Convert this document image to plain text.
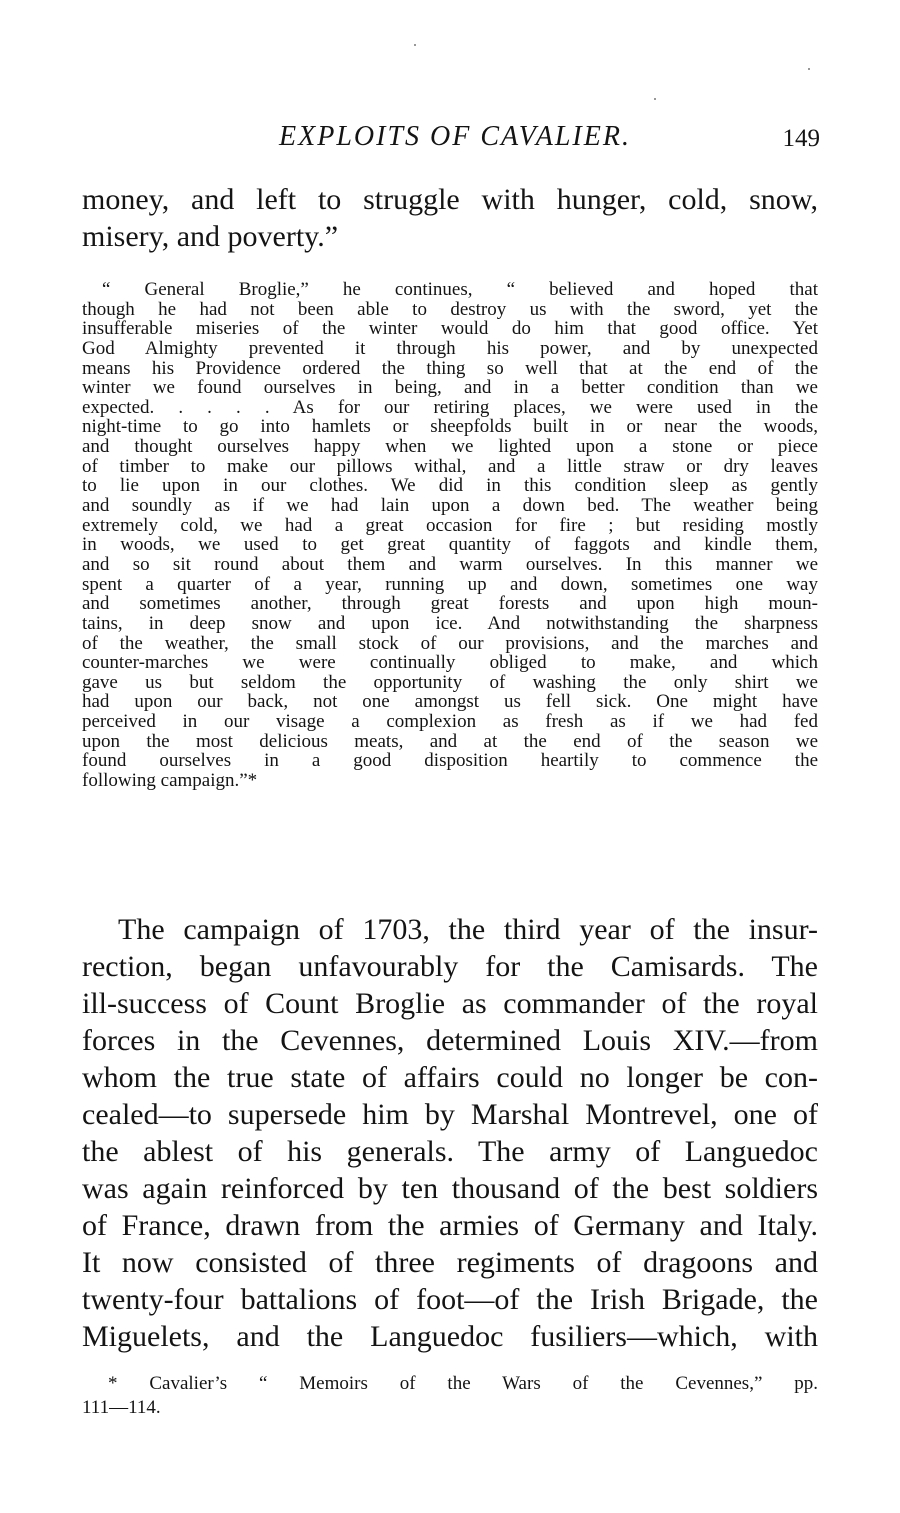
EXPLOITS OF CAVALIER.	149
money, and left to struggle with hunger, cold, snow,
misery, and poverty.”
“ General Broglie,” he continues, “ believed and hoped that
though he had not been able to destroy us with the sword, yet the
insufferable miseries of the winter would do him that good office. Yet
God Almighty prevented it through his power, and by unexpected
means his Providence ordered the thing so well that at the end of the
winter we found ourselves in being, and in a better condition than we
expected. . . . . As for our retiring places, we were used in the
night-time to go into hamlets or sheepfolds built in or near the woods,
and thought ourselves happy when we lighted upon a stone or piece
of timber to make our pillows withal, and a little straw or dry leaves
to lie upon in our clothes. We did in this condition sleep as gently
and soundly as if we had lain upon a down bed. The weather being
extremely cold, we had a great occasion for fire ; but residing mostly
in woods, we used to get great quantity of faggots and kindle them,
and so sit round about them and warm ourselves. In this manner we
spent a quarter of a year, running up and down, sometimes one way
and sometimes another, through great forests and upon high moun-
tains, in deep snow and upon ice. And notwithstanding the sharpness
of the weather, the small stock of our provisions, and the marches and
counter-marches we were continually obliged to make, and which
gave us but seldom the opportunity of washing the only shirt we
had upon our back, not one amongst us fell sick. One might have
perceived in our visage a complexion as fresh as if we had fed
upon the most delicious meats, and at the end of the season we
found ourselves in a good disposition heartily to commence the
following campaign.”*
The campaign of 1703, the third year of the insur-
rection, began unfavourably for the Camisards. The
ill-success of Count Broglie as commander of the royal
forces in the Cevennes, determined Louis XIV.—from
whom the true state of affairs could no longer be con-
cealed—to supersede him by Marshal Montrevel, one of
the ablest of his generals. The army of Languedoc
was again reinforced by ten thousand of the best soldiers
of France, drawn from the armies of Germany and Italy.
It now consisted of three regiments of dragoons and
twenty-four battalions of foot—of the Irish Brigade, the
Miguelets, and the Languedoc fusiliers—which, with
* Cavalier’s “ Memoirs of the Wars of the Cevennes,” pp.
111—114.
